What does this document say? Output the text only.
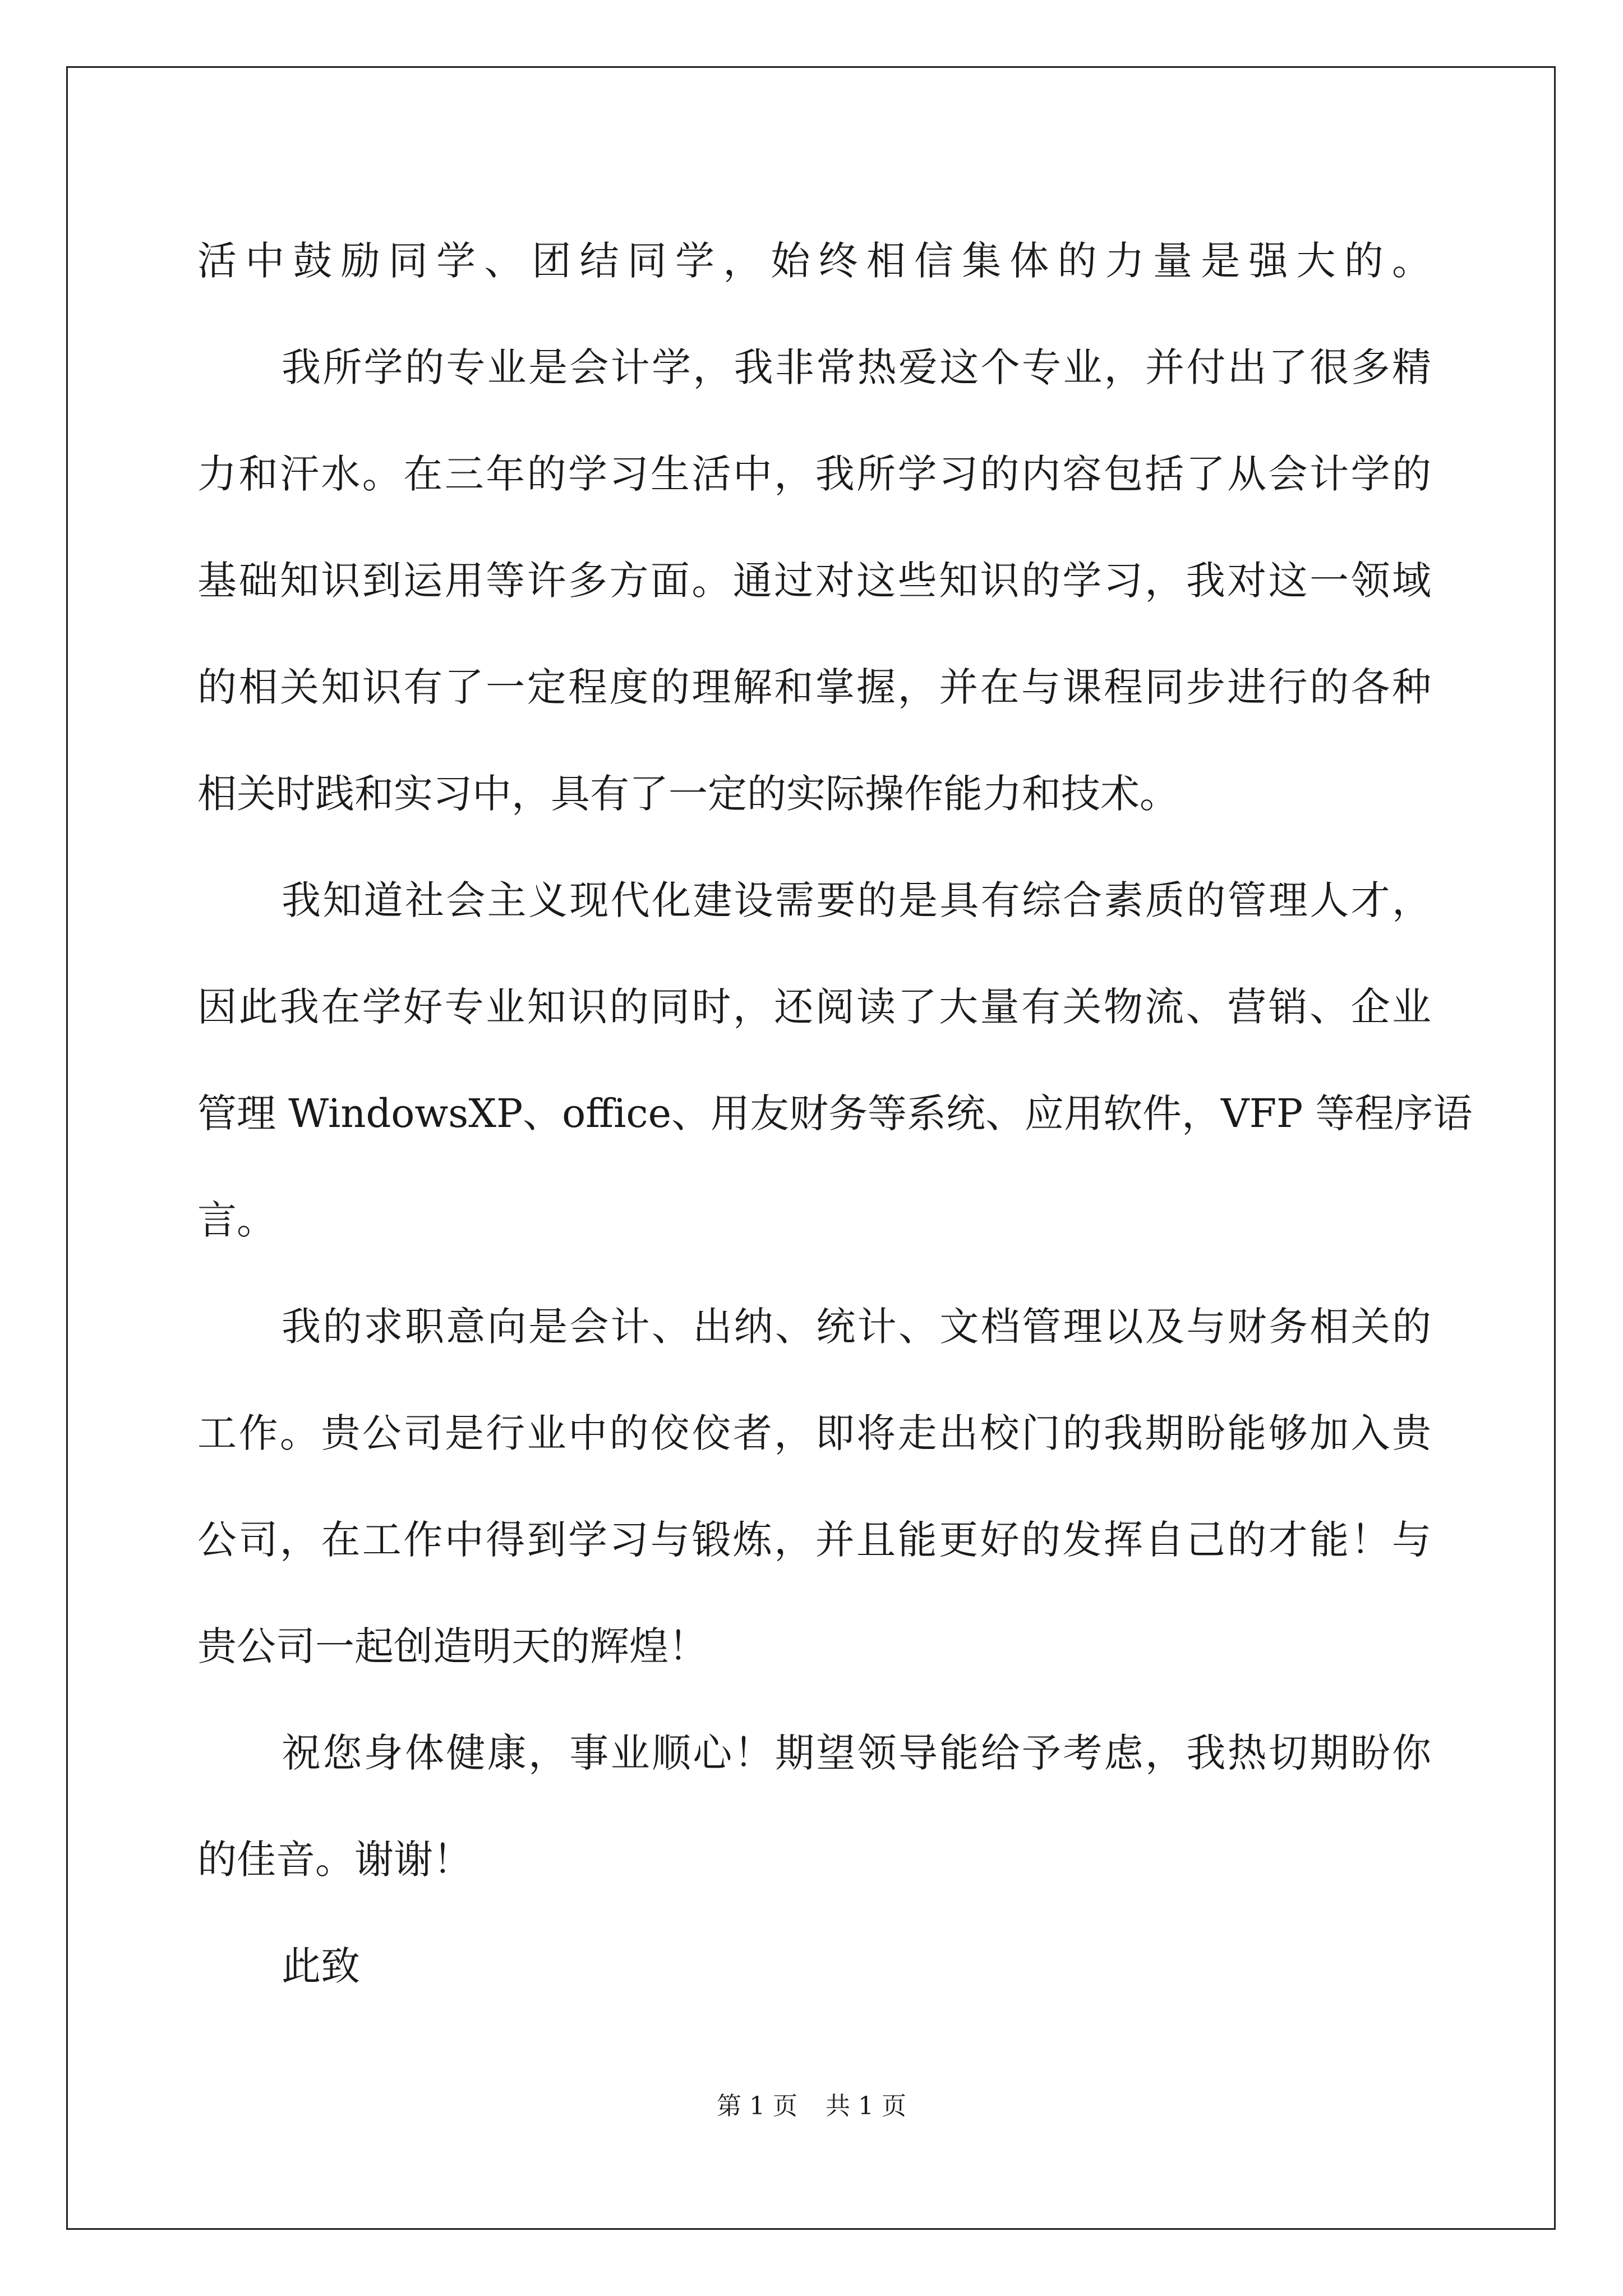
活中鼓励同学、团结同学，始终相信集体的力量是强大的。
我所学的专业是会计学，我非常热爱这个专业，并付出了很多精
力和汗水。在三年的学习生活中，我所学习的内容包括了从会计学的
基础知识到运用等许多方面。通过对这些知识的学习，我对这一领域
的相关知识有了一定程度的理解和掌握，并在与课程同步进行的各种
相关时践和实习中，具有了一定的实际操作能力和技术。
我知道社会主义现代化建设需要的是具有综合素质的管理人才，
因此我在学好专业知识的同时，还阅读了大量有关物流、营销、企业
管理 WindowsXP、office、用友财务等系统、应用软件，VFP 等程序语
言。
我的求职意向是会计、出纳、统计、文档管理以及与财务相关的
工作。贵公司是行业中的佼佼者，即将走出校门的我期盼能够加入贵
公司，在工作中得到学习与锻炼，并且能更好的发挥自己的才能！与
贵公司一起创造明天的辉煌！
祝您身体健康，事业顺心！期望领导能给予考虑，我热切期盼你
的佳音。谢谢！
此致
第 1 页 共 1 页
